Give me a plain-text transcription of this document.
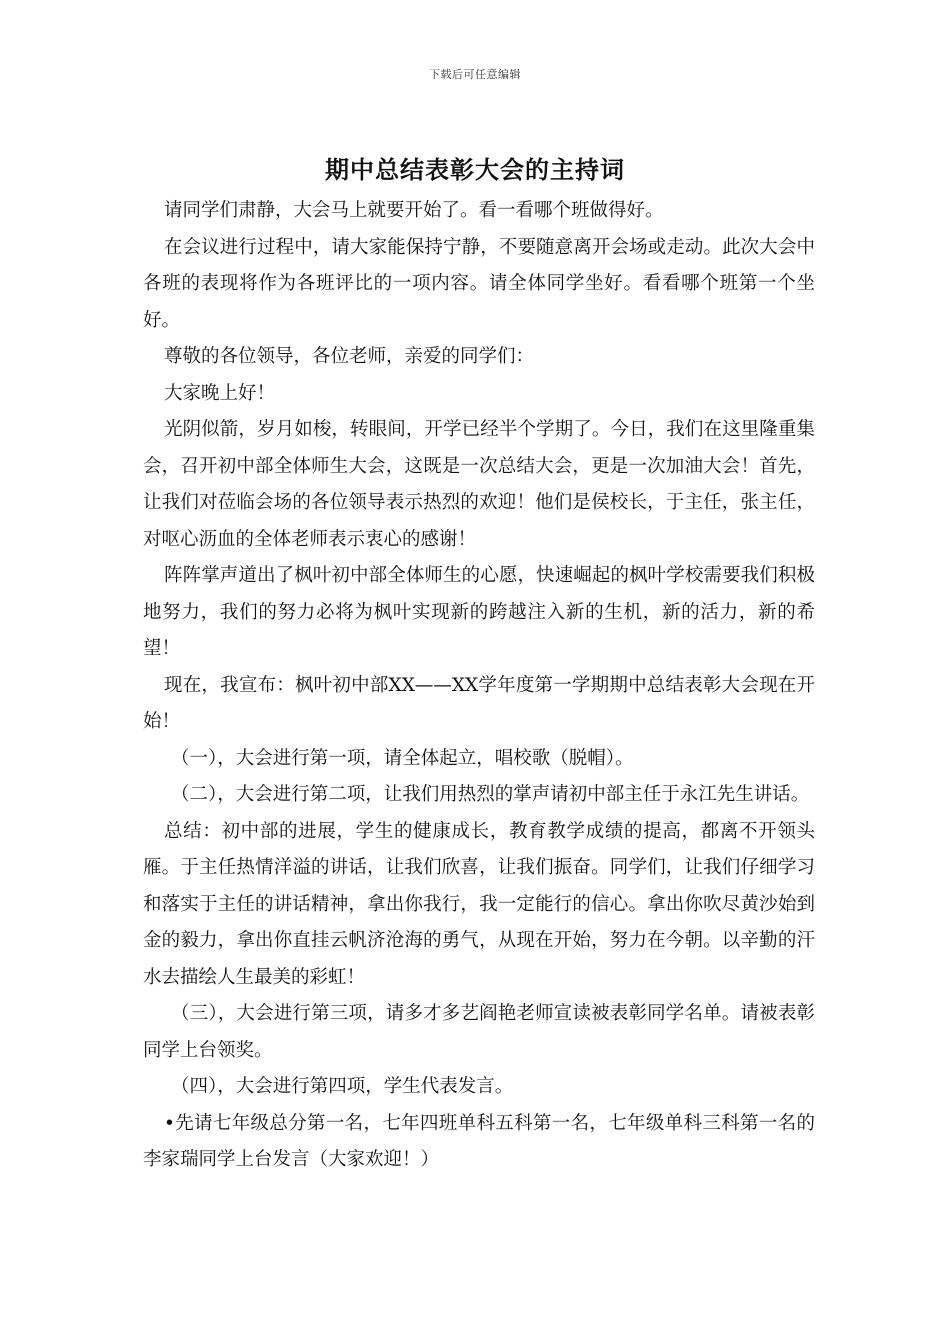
下载后可任意编辑
期中总结表彰大会的主持词

请同学们肃静，大会马上就要开始了。看一看哪个班做得好。

在会议进行过程中，请大家能保持宁静，不要随意离开会场或走动。此次大会中各班的表现将作为各班评比的一项内容。请全体同学坐好。看看哪个班第一个坐好。

尊敬的各位领导，各位老师，亲爱的同学们：

大家晚上好！

光阴似箭，岁月如梭，转眼间，开学已经半个学期了。今日，我们在这里隆重集会，召开初中部全体师生大会，这既是一次总结大会，更是一次加油大会！首先，让我们对莅临会场的各位领导表示热烈的欢迎！他们是侯校长，于主任，张主任，对呕心沥血的全体老师表示衷心的感谢！

阵阵掌声道出了枫叶初中部全体师生的心愿，快速崛起的枫叶学校需要我们积极地努力，我们的努力必将为枫叶实现新的跨越注入新的生机，新的活力，新的希望！

现在，我宣布：枫叶初中部XX——XX学年度第一学期期中总结表彰大会现在开始！

（一），大会进行第一项，请全体起立，唱校歌（脱帽）。

（二），大会进行第二项，让我们用热烈的掌声请初中部主任于永江先生讲话。

总结：初中部的进展，学生的健康成长，教育教学成绩的提高，都离不开领头雁。于主任热情洋溢的讲话，让我们欣喜，让我们振奋。同学们，让我们仔细学习和落实于主任的讲话精神，拿出你我行，我一定能行的信心。拿出你吹尽黄沙始到金的毅力，拿出你直挂云帆济沧海的勇气，从现在开始，努力在今朝。以辛勤的汗水去描绘人生最美的彩虹！

（三），大会进行第三项，请多才多艺阎艳老师宣读被表彰同学名单。请被表彰同学上台领奖。

（四），大会进行第四项，学生代表发言。

•先请七年级总分第一名，七年四班单科五科第一名，七年级单科三科第一名的李家瑞同学上台发言（大家欢迎！）
